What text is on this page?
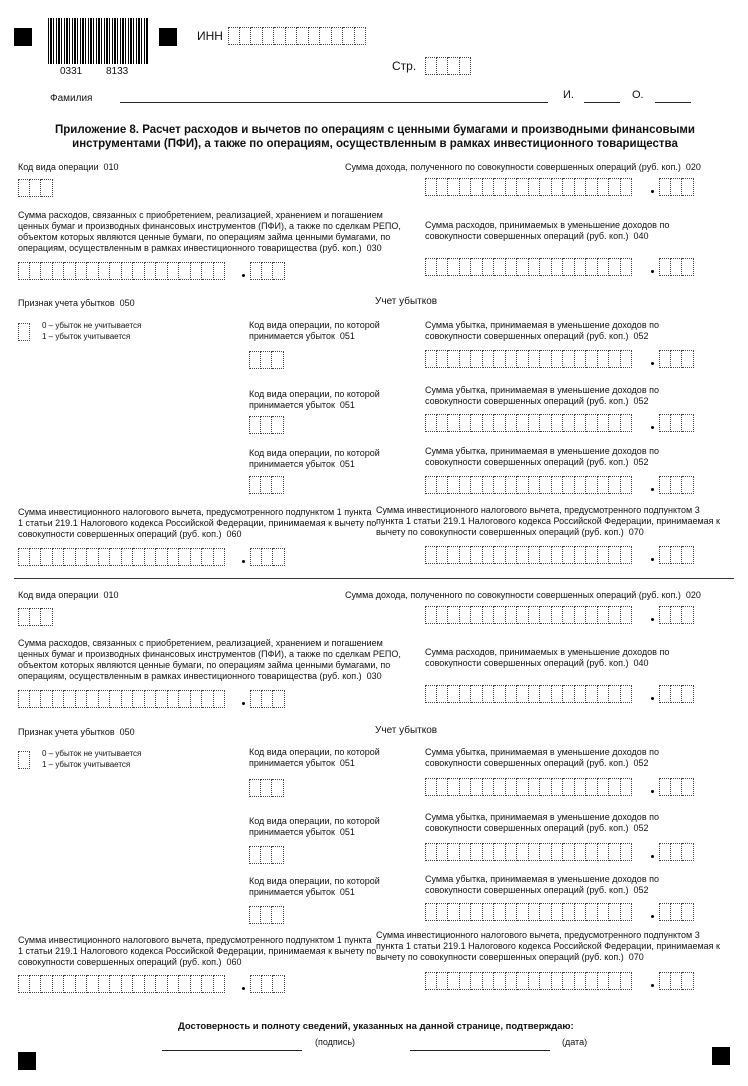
0331 8133
ИНН
Стр.
Фамилия	И.	О.
Приложение 8. Расчет расходов и вычетов по операциям с ценными бумагами и производными финансовыми инструментами (ПФИ), а также по операциям, осуществленным в рамках инвестиционного товарищества
Код вида операции 010	Сумма дохода, полученного по совокупности совершенных операций (руб. коп.) 020
Сумма расходов, связанных с приобретением, реализацией, хранением и погашением ценных бумаг и производных финансовых инструментов (ПФИ), а также по сделкам РЕПО, объектом которых являются ценные бумаги, по операциям займа ценными бумагами, по операциям, осуществленным в рамках инвестиционного товарищества (руб. коп.) 030
Сумма расходов, принимаемых в уменьшение доходов по совокупности совершенных операций (руб. коп.) 040
Признак учета убытков 050	Учет убытков
0 – убыток не учитывается
1 – убыток учитывается
Код вида операции, по которой принимается убыток 051
Сумма убытка, принимаемая в уменьшение доходов по совокупности совершенных операций (руб. коп.) 052
Код вида операции, по которой принимается убыток 051
Сумма убытка, принимаемая в уменьшение доходов по совокупности совершенных операций (руб. коп.) 052
Код вида операции, по которой принимается убыток 051
Сумма убытка, принимаемая в уменьшение доходов по совокупности совершенных операций (руб. коп.) 052
Сумма инвестиционного налогового вычета, предусмотренного подпунктом 1 пункта 1 статьи 219.1 Налогового кодекса Российской Федерации, принимаемая к вычету по совокупности совершенных операций (руб. коп.) 060
Сумма инвестиционного налогового вычета, предусмотренного подпунктом 3 пункта 1 статьи 219.1 Налогового кодекса Российской Федерации, принимаемая к вычету по совокупности совершенных операций (руб. коп.) 070
Код вида операции 010	Сумма дохода, полученного по совокупности совершенных операций (руб. коп.) 020
Сумма расходов, связанных с приобретением, реализацией, хранением и погашением ценных бумаг и производных финансовых инструментов (ПФИ), а также по сделкам РЕПО, объектом которых являются ценные бумаги, по операциям займа ценными бумагами, по операциям, осуществленным в рамках инвестиционного товарищества (руб. коп.) 030
Сумма расходов, принимаемых в уменьшение доходов по совокупности совершенных операций (руб. коп.) 040
Признак учета убытков 050	Учет убытков
0 – убыток не учитывается
1 – убыток учитывается
Код вида операции, по которой принимается убыток 051
Сумма убытка, принимаемая в уменьшение доходов по совокупности совершенных операций (руб. коп.) 052
Код вида операции, по которой принимается убыток 051
Сумма убытка, принимаемая в уменьшение доходов по совокупности совершенных операций (руб. коп.) 052
Код вида операции, по которой принимается убыток 051
Сумма убытка, принимаемая в уменьшение доходов по совокупности совершенных операций (руб. коп.) 052
Сумма инвестиционного налогового вычета, предусмотренного подпунктом 1 пункта 1 статьи 219.1 Налогового кодекса Российской Федерации, принимаемая к вычету по совокупности совершенных операций (руб. коп.) 060
Сумма инвестиционного налогового вычета, предусмотренного подпунктом 3 пункта 1 статьи 219.1 Налогового кодекса Российской Федерации, принимаемая к вычету по совокупности совершенных операций (руб. коп.) 070
Достоверность и полноту сведений, указанных на данной странице, подтверждаю:
(подпись)	(дата)
